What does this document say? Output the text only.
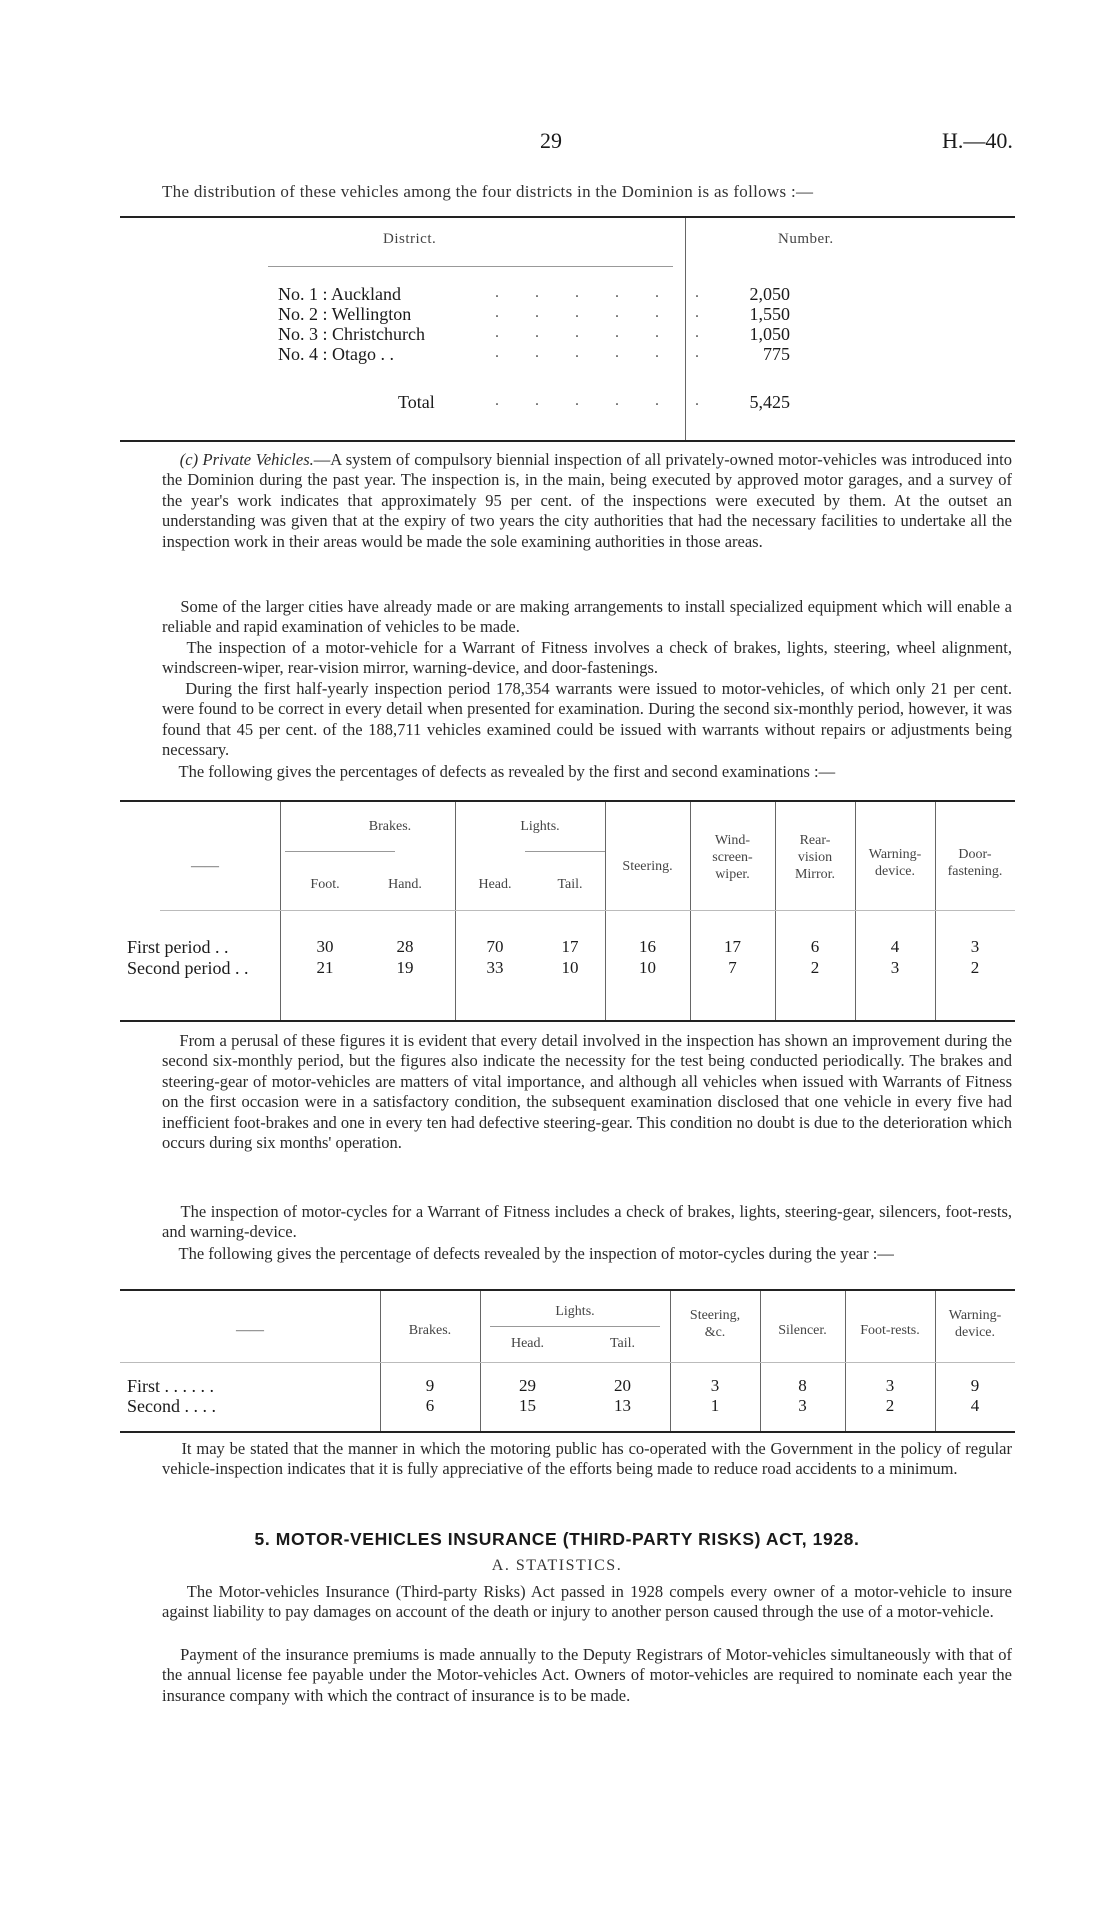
29	H.—40.
The distribution of these vehicles among the four districts in the Dominion is as follows :—
District.	Number.
No. 1 : Auckland	. . . . . .	2,050
No. 2 : Wellington	. . . . . .	1,550
No. 3 : Christchurch	. . . . . .	1,050
No. 4 : Otago . .	. . . . . .	775
Total	. . . . . .	5,425
(c) Private Vehicles.—A system of compulsory biennial inspection of all privately-owned motor-vehicles was introduced into the Dominion during the past year. The inspection is, in the main, being executed by approved motor garages, and a survey of the year's work indicates that approximately 95 per cent. of the inspections were executed by them. At the outset an understanding was given that at the expiry of two years the city authorities that had the necessary facilities to undertake all the inspection work in their areas would be made the sole examining authorities in those areas.
Some of the larger cities have already made or are making arrangements to install specialized equipment which will enable a reliable and rapid examination of vehicles to be made.
The inspection of a motor-vehicle for a Warrant of Fitness involves a check of brakes, lights, steering, wheel alignment, windscreen-wiper, rear-vision mirror, warning-device, and door-fastenings.
During the first half-yearly inspection period 178,354 warrants were issued to motor-vehicles, of which only 21 per cent. were found to be correct in every detail when presented for examination. During the second six-monthly period, however, it was found that 45 per cent. of the 188,711 vehicles examined could be issued with warrants without repairs or adjustments being necessary.
The following gives the percentages of defects as revealed by the first and second examinations :—
——
Brakes.
Foot.	Hand.
Lights.
Head.	Tail.
Steering.
Wind-
screen-
wiper.
Rear-
vision
Mirror.
Warning-
device.
Door-
fastening.
First period . .	30	28	70	17	16	17	6	4	3
Second period . .	21	19	33	10	10	7	2	3	2
From a perusal of these figures it is evident that every detail involved in the inspection has shown an improvement during the second six-monthly period, but the figures also indicate the necessity for the test being conducted periodically. The brakes and steering-gear of motor-vehicles are matters of vital importance, and although all vehicles when issued with Warrants of Fitness on the first occasion were in a satisfactory condition, the subsequent examination disclosed that one vehicle in every five had inefficient foot-brakes and one in every ten had defective steering-gear. This condition no doubt is due to the deterioration which occurs during six months' operation.
The inspection of motor-cycles for a Warrant of Fitness includes a check of brakes, lights, steering-gear, silencers, foot-rests, and warning-device.
The following gives the percentage of defects revealed by the inspection of motor-cycles during the year :—
——	Brakes.
Lights.
Head.	Tail.
Steering,
&c.	Silencer.	Foot-rests.
Warning-
device.
First . . . . . .	9	29	20	3	8	3	9
Second . . . .	6	15	13	1	3	2	4
It may be stated that the manner in which the motoring public has co-operated with the Government in the policy of regular vehicle-inspection indicates that it is fully appreciative of the efforts being made to reduce road accidents to a minimum.
5. MOTOR-VEHICLES INSURANCE (THIRD-PARTY RISKS) ACT, 1928.
A. STATISTICS.
The Motor-vehicles Insurance (Third-party Risks) Act passed in 1928 compels every owner of a motor-vehicle to insure against liability to pay damages on account of the death or injury to another person caused through the use of a motor-vehicle.
Payment of the insurance premiums is made annually to the Deputy Registrars of Motor-vehicles simultaneously with that of the annual license fee payable under the Motor-vehicles Act. Owners of motor-vehicles are required to nominate each year the insurance company with which the contract of insurance is to be made.
